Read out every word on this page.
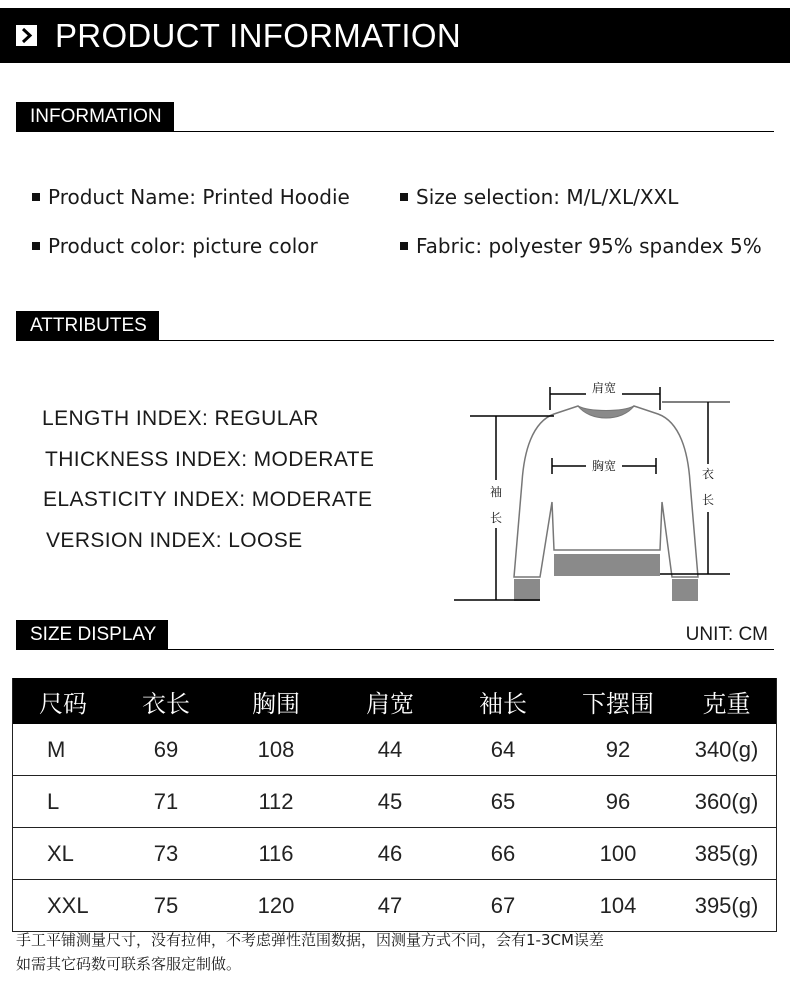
PRODUCT INFORMATION
INFORMATION
Product Name: Printed Hoodie	Size selection: M/L/XL/XXL
Product color: picture color	Fabric: polyester 95% spandex 5%
ATTRIBUTES
LENGTH INDEX: REGULAR
THICKNESS INDEX: MODERATE
ELASTICITY INDEX: MODERATE
VERSION INDEX: LOOSE
肩宽
胸宽
袖
长
衣
长
SIZE DISPLAY	UNIT: CM
尺码	衣长	胸围	肩宽	袖长	下摆围	克重
M	69	108	44	64	92	340(g)
L	71	112	45	65	96	360(g)
XL	73	116	46	66	100	385(g)
XXL	75	120	47	67	104	395(g)
手工平铺测量尺寸，没有拉伸，不考虑弹性范围数据，因测量方式不同，会有1-3CM误差
如需其它码数可联系客服定制做。
